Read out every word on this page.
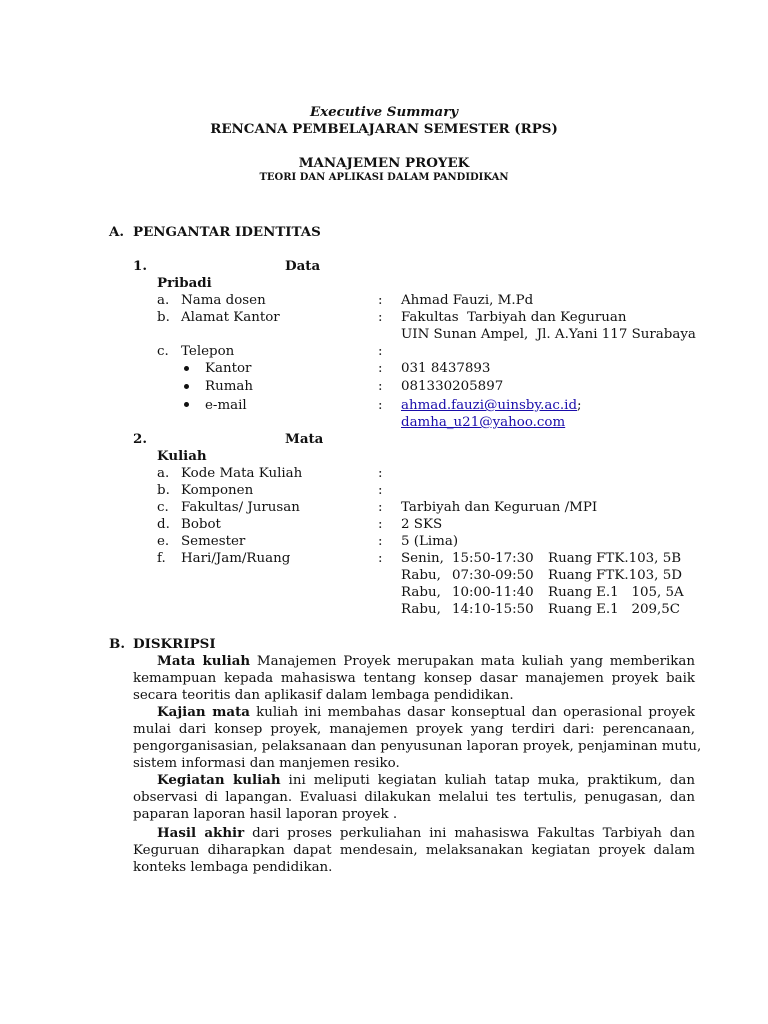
Executive Summary
RENCANA PEMBELAJARAN SEMESTER (RPS)
MANAJEMEN PROYEK
TEORI DAN APLIKASI DALAM PANDIDIKAN
A. PENGANTAR IDENTITAS
1.	Data
Pribadi
a. Nama dosen	: Ahmad Fauzi, M.Pd
b. Alamat Kantor	: Fakultas  Tarbiyah dan Keguruan
UIN Sunan Ampel,  Jl. A.Yani 117 Surabaya
c. Telepon	:
Kantor	: 031 8437893
Rumah	: 081330205897
e-mail	: ahmad.fauzi@uinsby.ac.id;
damha_u21@yahoo.com
2.	Mata
Kuliah
a. Kode Mata Kuliah	:
b. Komponen	:
c. Fakultas/ Jurusan	: Tarbiyah dan Keguruan /MPI
d. Bobot	: 2 SKS
e. Semester	: 5 (Lima)
f. Hari/Jam/Ruang	: Senin, 15:50-17:30 Ruang FTK.103, 5B
Rabu, 07:30-09:50 Ruang FTK.103, 5D
Rabu, 10:00-11:40 Ruang E.1   105, 5A
Rabu, 14:10-15:50 Ruang E.1   209,5C
B. DISKRIPSI
Mata kuliah Manajemen Proyek merupakan mata kuliah yang memberikan
kemampuan kepada mahasiswa tentang konsep dasar manajemen proyek baik
secara teoritis dan aplikasif dalam lembaga pendidikan.
Kajian mata kuliah ini membahas dasar konseptual dan operasional proyek
mulai dari konsep proyek, manajemen proyek yang terdiri dari: perencanaan,
pengorganisasian, pelaksanaan dan penyusunan laporan proyek, penjaminan mutu,
sistem informasi dan manjemen resiko.
Kegiatan kuliah ini meliputi kegiatan kuliah tatap muka, praktikum, dan
observasi di lapangan. Evaluasi dilakukan melalui tes tertulis, penugasan, dan
paparan laporan hasil laporan proyek .
Hasil akhir dari proses perkuliahan ini mahasiswa Fakultas Tarbiyah dan
Keguruan diharapkan dapat mendesain, melaksanakan kegiatan proyek dalam
konteks lembaga pendidikan.
